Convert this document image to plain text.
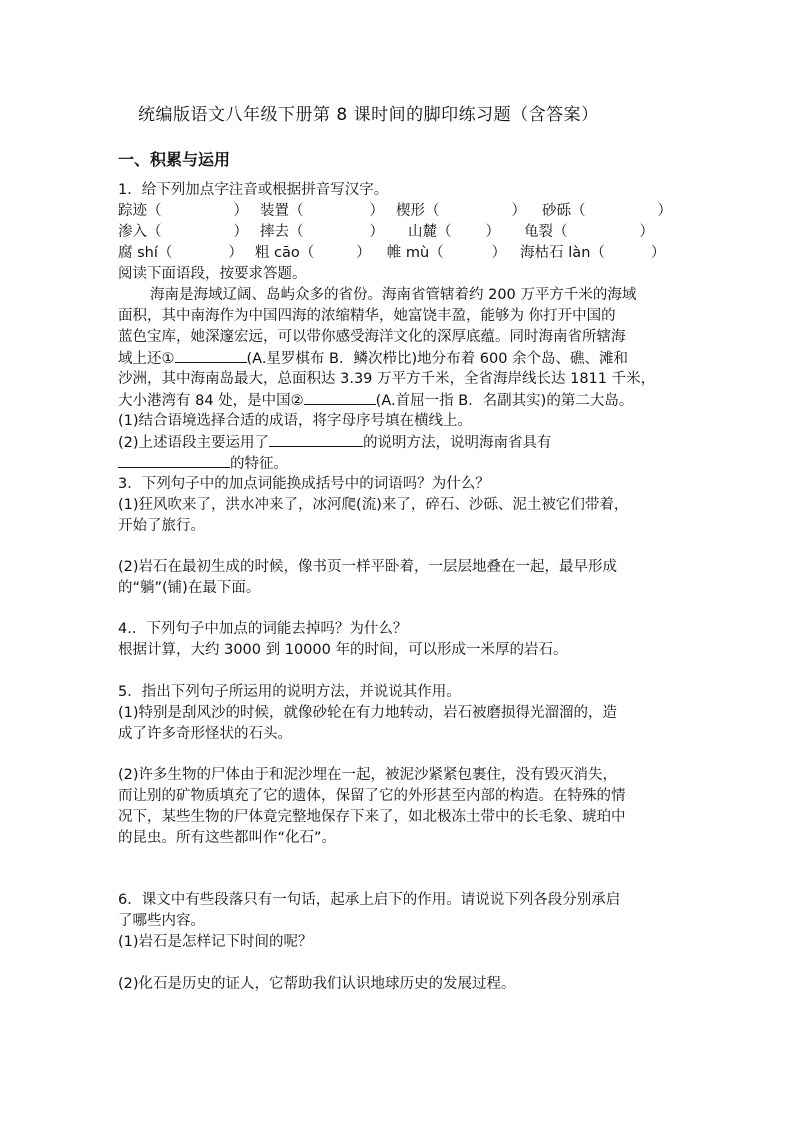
统编版语文八年级下册第 8 课时间的脚印练习题（含答案）
一、积累与运用
1．给下列加点字注音或根据拼音写汉字。
踪迹（	） 装置（	） 楔形（	） 砂砾（	）
渗入（	） 摔去（	） 山麓（ ） 龟裂（	）
腐 shí（	） 粗 cāo（	） 帷 mù（	） 海枯石 làn（	）
阅读下面语段，按要求答题。
海南是海域辽阔、岛屿众多的省份。海南省管辖着约 200 万平方千米的海域
面积，其中南海作为中国四海的浓缩精华，她富饶丰盈，能够为 你打开中国的
蓝色宝库，她深邃宏远，可以带你感受海洋文化的深厚底蕴。同时海南省所辖海
域上还①	(A.星罗棋布 B．鳞次栉比)地分布着 600 余个岛、礁、滩和
沙洲，其中海南岛最大，总面积达 3.39 万平方千米，全省海岸线长达 1811 千米，
大小港湾有 84 处，是中国②	(A.首屈一指 B．名副其实)的第二大岛。
(1)结合语境选择合适的成语，将字母序号填在横线上。
(2)上述语段主要运用了	的说明方法，说明海南省具有
的特征。
3．下列句子中的加点词能换成括号中的词语吗？为什么？
(1)狂风吹来了，洪水冲来了，冰河爬(流)来了，碎石、沙砾、泥土被它们带着，
开始了旅行。
(2)岩石在最初生成的时候，像书页一样平卧着，一层层地叠在一起，最早形成
的“躺”(铺)在最下面。
4.．下列句子中加点的词能去掉吗？为什么？
根据计算，大约 3000 到 10000 年的时间，可以形成一米厚的岩石。
5．指出下列句子所运用的说明方法，并说说其作用。
(1)特别是刮风沙的时候，就像砂轮在有力地转动，岩石被磨损得光溜溜的，造
成了许多奇形怪状的石头。
(2)许多生物的尸体由于和泥沙埋在一起，被泥沙紧紧包裹住，没有毁灭消失，
而让别的矿物质填充了它的遗体，保留了它的外形甚至内部的构造。在特殊的情
况下，某些生物的尸体竟完整地保存下来了，如北极冻土带中的长毛象、琥珀中
的昆虫。所有这些都叫作“化石”。
6．课文中有些段落只有一句话，起承上启下的作用。请说说下列各段分别承启
了哪些内容。
(1)岩石是怎样记下时间的呢？
(2)化石是历史的证人，它帮助我们认识地球历史的发展过程。
